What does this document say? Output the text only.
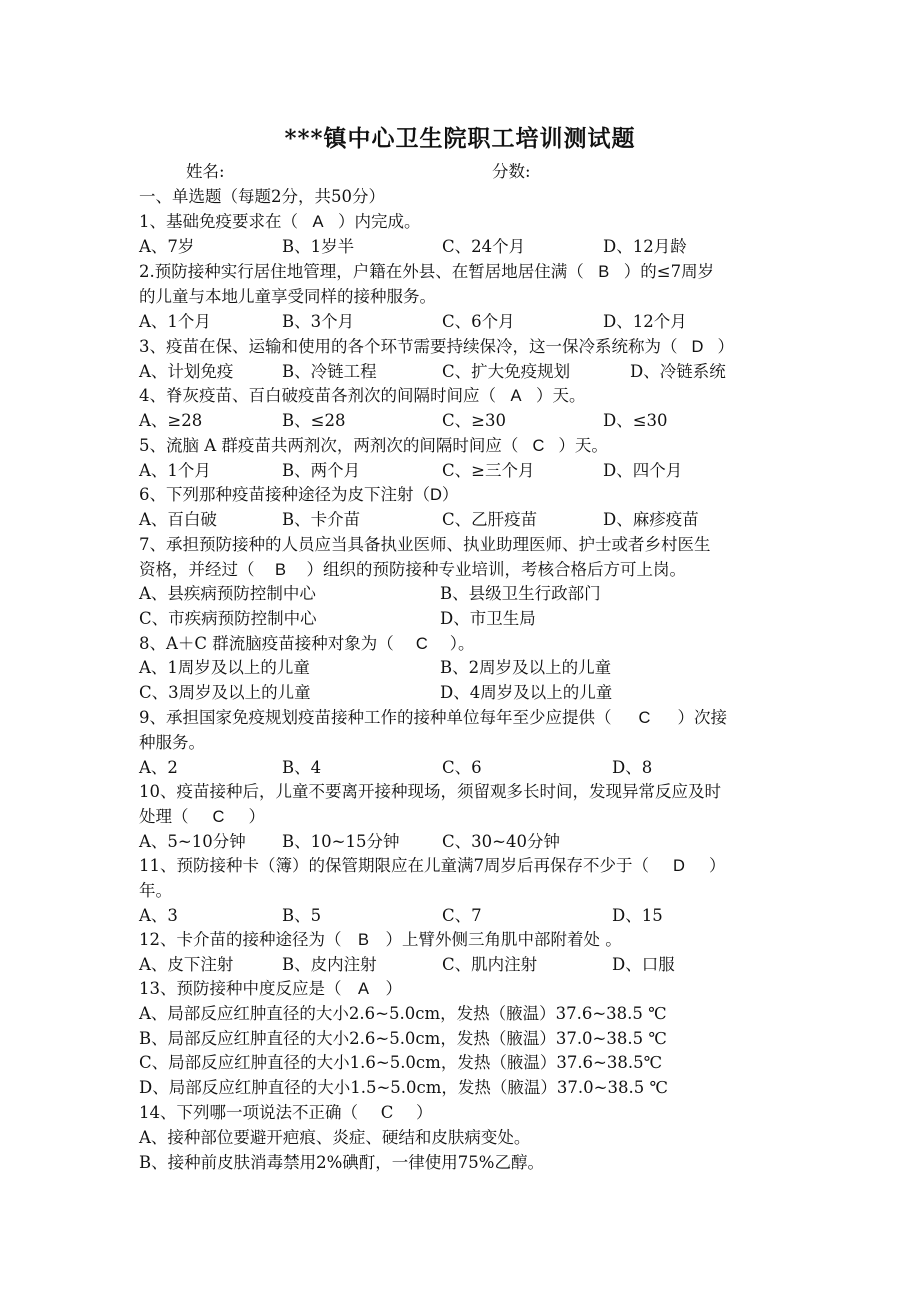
***镇中心卫生院职工培训测试题
姓名:	分数:
一、单选题（每题2分，共50分）
1、基础免疫要求在（ A ）内完成。
A、7岁	B、1岁半	C、24个月	D、12月龄
2.预防接种实行居住地管理，户籍在外县、在暂居地居住满（ B ）的≤7周岁
的儿童与本地儿童享受同样的接种服务。
A、1个月	B、3个月	C、6个月	D、12个月
3、疫苗在保、运输和使用的各个环节需要持续保冷，这一保冷系统称为（ D ）
A、计划免疫	B、冷链工程	C、扩大免疫规划	D、冷链系统
4、脊灰疫苗、百白破疫苗各剂次的间隔时间应（ A ）天。
A、≥28	B、≤28	C、≥30	D、≤30
5、流脑 A 群疫苗共两剂次，两剂次的间隔时间应（ C ）天。
A、1个月	B、两个月	C、≥三个月	D、四个月
6、下列那种疫苗接种途径为皮下注射（D）
A、百白破	B、卡介苗	C、乙肝疫苗	D、麻疹疫苗
7、承担预防接种的人员应当具备执业医师、执业助理医师、护士或者乡村医生
资格，并经过（ B ）组织的预防接种专业培训，考核合格后方可上岗。
A、县疾病预防控制中心	B、县级卫生行政部门
C、市疾病预防控制中心	D、市卫生局
8、A＋C 群流脑疫苗接种对象为（ C ）。
A、1周岁及以上的儿童	B、2周岁及以上的儿童
C、3周岁及以上的儿童	D、4周岁及以上的儿童
9、承担国家免疫规划疫苗接种工作的接种单位每年至少应提供（ C ）次接
种服务。
A、2	B、4	C、6	D、8
10、疫苗接种后，儿童不要离开接种现场，须留观多长时间，发现异常反应及时
处理（ C ）
A、5~10分钟 B、10~15分钟	C、30~40分钟
11、预防接种卡（簿）的保管期限应在儿童满7周岁后再保存不少于（ D ）
年。
A、3	B、5	C、7	D、15
12、卡介苗的接种途径为（ B ）上臂外侧三角肌中部附着处 。
A、皮下注射	B、皮内注射	C、肌内注射	D、口服
13、预防接种中度反应是（ A ）
A、局部反应红肿直径的大小2.6~5.0cm，发热（腋温）37.6~38.5 ℃
B、局部反应红肿直径的大小2.6~5.0cm，发热（腋温）37.0~38.5 ℃
C、局部反应红肿直径的大小1.6~5.0cm，发热（腋温）37.6~38.5℃
D、局部反应红肿直径的大小1.5~5.0cm，发热（腋温）37.0~38.5 ℃
14、下列哪一项说法不正确（ C ）
A、接种部位要避开疤痕、炎症、硬结和皮肤病变处。
B、接种前皮肤消毒禁用2%碘酊，一律使用75%乙醇。
